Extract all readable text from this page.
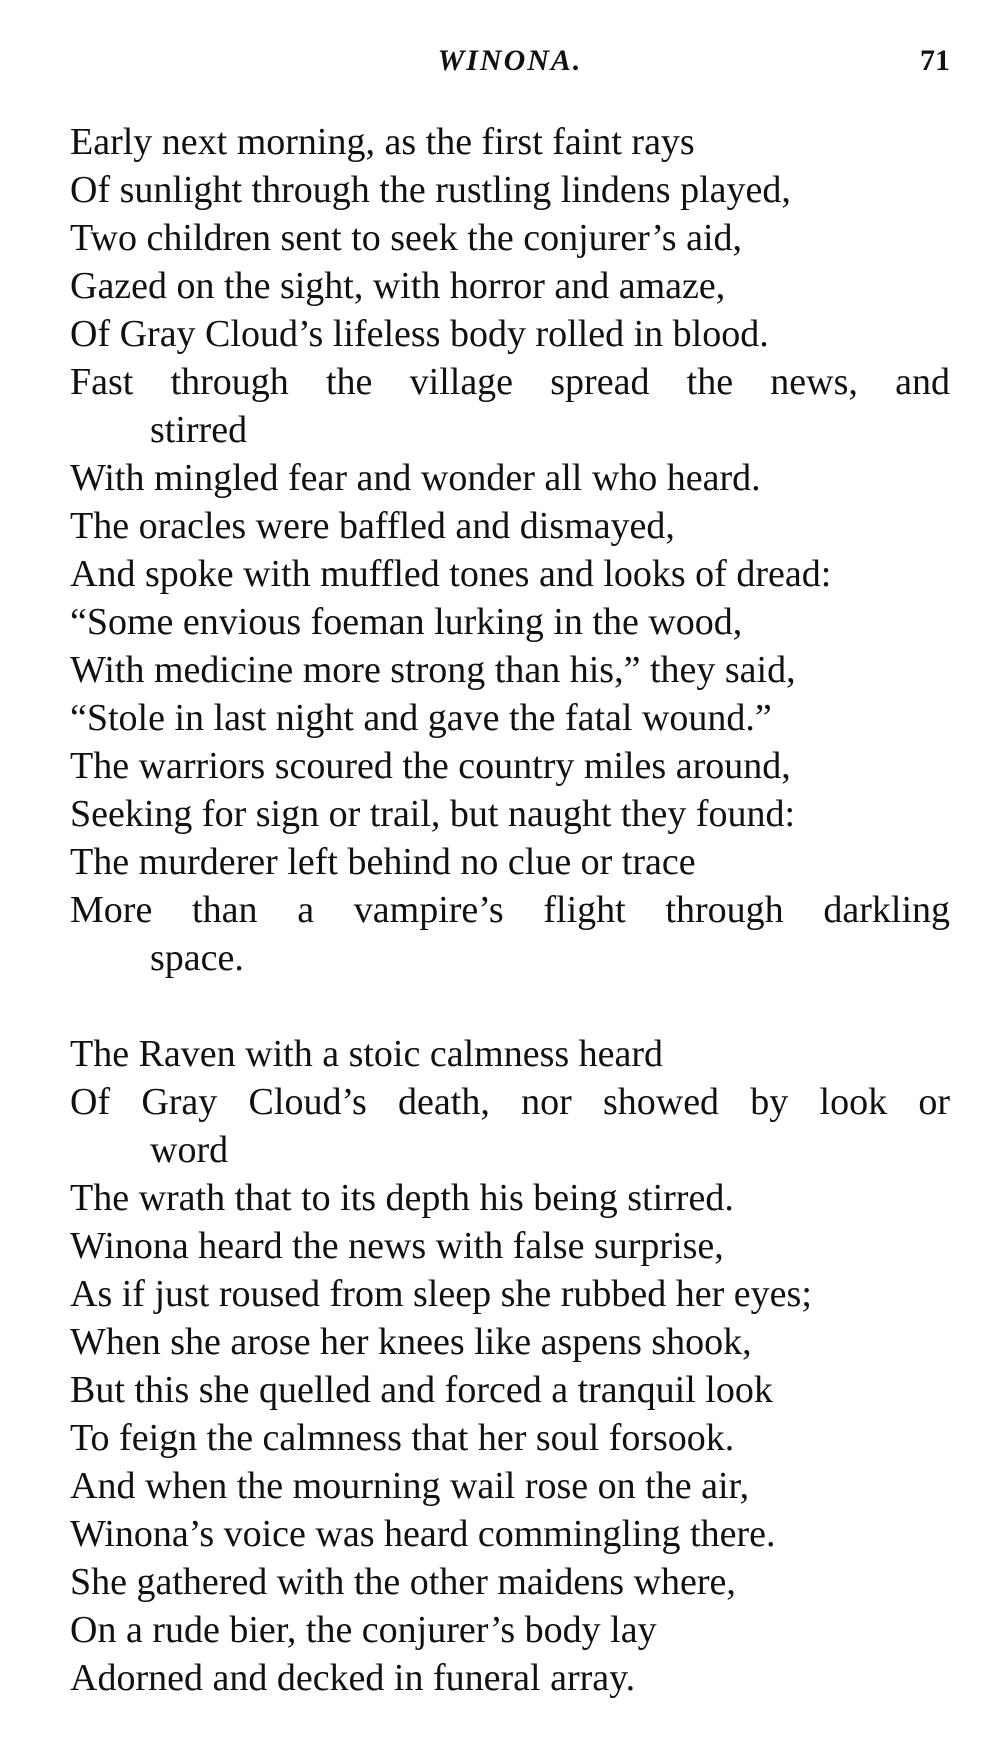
WINONA.	71
Early next morning, as the first faint rays
Of sunlight through the rustling lindens played,
Two children sent to seek the conjurer’s aid,
Gazed on the sight, with horror and amaze,
Of Gray Cloud’s lifeless body rolled in blood.
Fast through the village spread the news, and
stirred
With mingled fear and wonder all who heard.
The oracles were baffled and dismayed,
And spoke with muffled tones and looks of dread:
“Some envious foeman lurking in the wood,
With medicine more strong than his,” they said,
“Stole in last night and gave the fatal wound.”
The warriors scoured the country miles around,
Seeking for sign or trail, but naught they found:
The murderer left behind no clue or trace
More than a vampire’s flight through darkling
space.
The Raven with a stoic calmness heard
Of Gray Cloud’s death, nor showed by look or
word
The wrath that to its depth his being stirred.
Winona heard the news with false surprise,
As if just roused from sleep she rubbed her eyes;
When she arose her knees like aspens shook,
But this she quelled and forced a tranquil look
To feign the calmness that her soul forsook.
And when the mourning wail rose on the air,
Winona’s voice was heard commingling there.
She gathered with the other maidens where,
On a rude bier, the conjurer’s body lay
Adorned and decked in funeral array.
